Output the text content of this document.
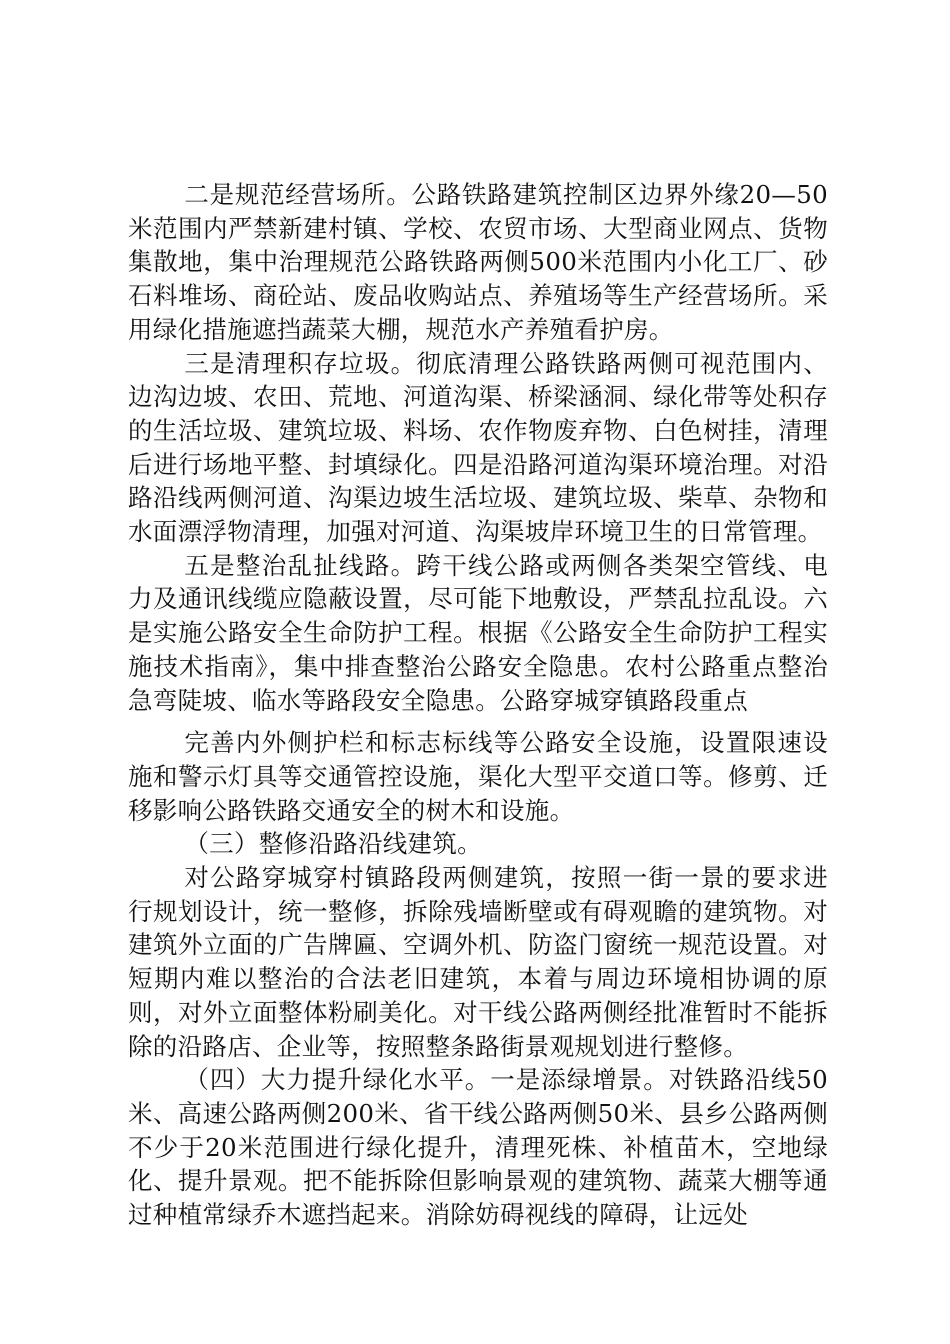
二是规范经营场所。公路铁路建筑控制区边界外缘20—50米范围内严禁新建村镇、学校、农贸市场、大型商业网点、货物集散地，集中治理规范公路铁路两侧500米范围内小化工厂、砂石料堆场、商砼站、废品收购站点、养殖场等生产经营场所。采用绿化措施遮挡蔬菜大棚，规范水产养殖看护房。

三是清理积存垃圾。彻底清理公路铁路两侧可视范围内、边沟边坡、农田、荒地、河道沟渠、桥梁涵洞、绿化带等处积存的生活垃圾、建筑垃圾、料场、农作物废弃物、白色树挂，清理后进行场地平整、封填绿化。四是沿路河道沟渠环境治理。对沿路沿线两侧河道、沟渠边坡生活垃圾、建筑垃圾、柴草、杂物和水面漂浮物清理，加强对河道、沟渠坡岸环境卫生的日常管理。

五是整治乱扯线路。跨干线公路或两侧各类架空管线、电力及通讯线缆应隐蔽设置，尽可能下地敷设，严禁乱拉乱设。六是实施公路安全生命防护工程。根据《公路安全生命防护工程实施技术指南》，集中排查整治公路安全隐患。农村公路重点整治急弯陡坡、临水等路段安全隐患。公路穿城穿镇路段重点

完善内外侧护栏和标志标线等公路安全设施，设置限速设施和警示灯具等交通管控设施，渠化大型平交道口等。修剪、迁移影响公路铁路交通安全的树木和设施。

（三）整修沿路沿线建筑。

对公路穿城穿村镇路段两侧建筑，按照一街一景的要求进行规划设计，统一整修，拆除残墙断壁或有碍观瞻的建筑物。对建筑外立面的广告牌匾、空调外机、防盗门窗统一规范设置。对短期内难以整治的合法老旧建筑，本着与周边环境相协调的原则，对外立面整体粉刷美化。对干线公路两侧经批准暂时不能拆除的沿路店、企业等，按照整条路街景观规划进行整修。

（四）大力提升绿化水平。一是添绿增景。对铁路沿线50米、高速公路两侧200米、省干线公路两侧50米、县乡公路两侧不少于20米范围进行绿化提升，清理死株、补植苗木，空地绿化、提升景观。把不能拆除但影响景观的建筑物、蔬菜大棚等通过种植常绿乔木遮挡起来。消除妨碍视线的障碍，让远处
